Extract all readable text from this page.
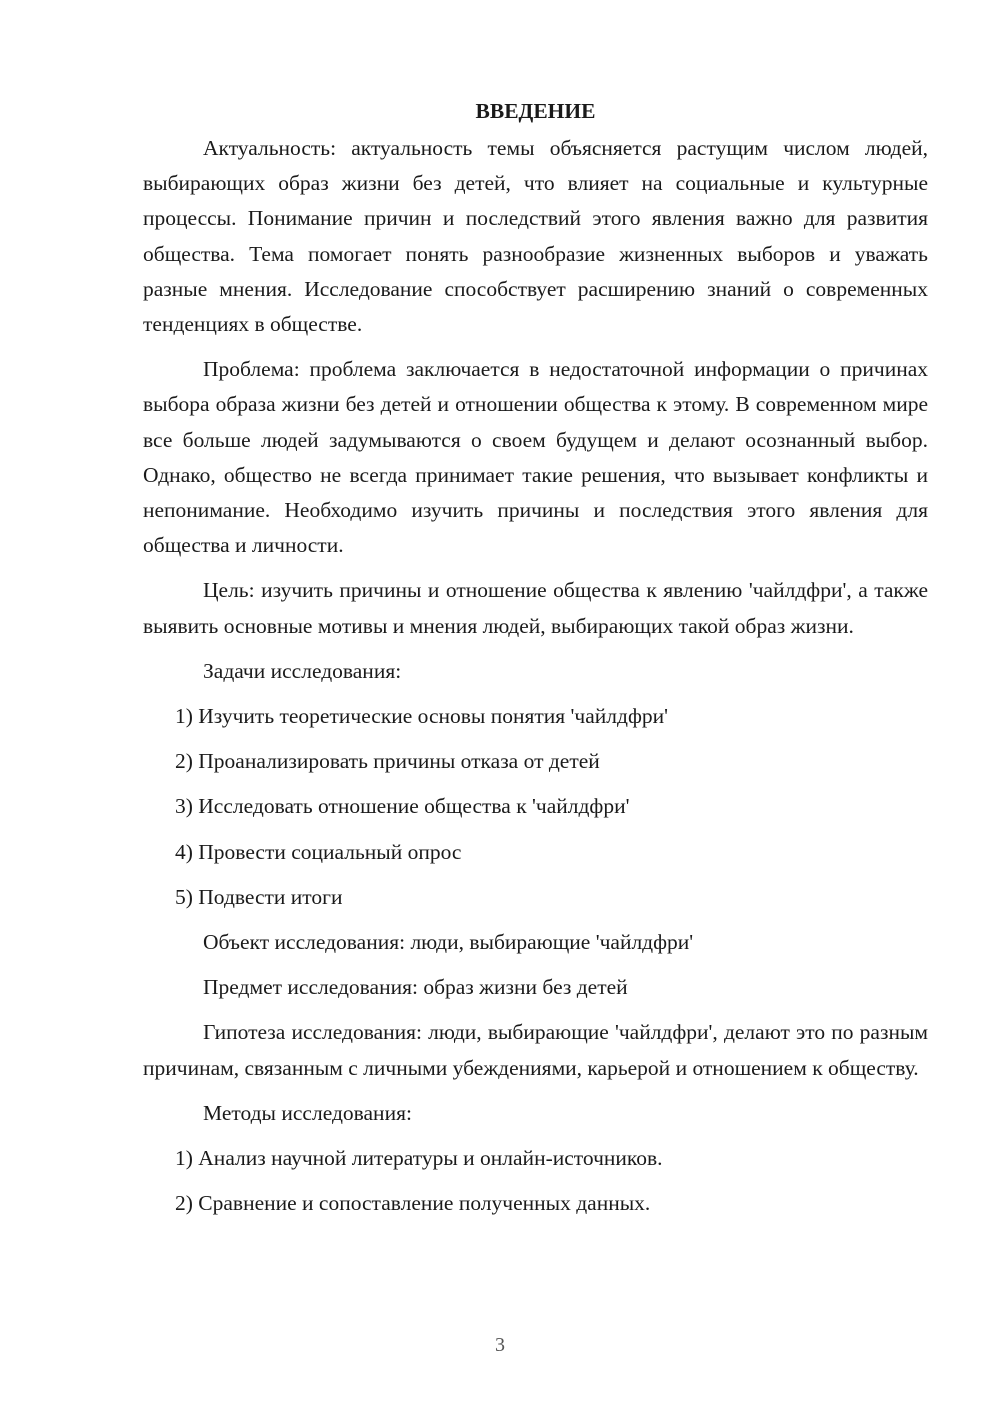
ВВЕДЕНИЕ

Актуальность: актуальность темы объясняется растущим числом людей, выбирающих образ жизни без детей, что влияет на социальные и культурные процессы. Понимание причин и последствий этого явления важно для развития общества. Тема помогает понять разнообразие жизненных выборов и уважать разные мнения. Исследование способствует расширению знаний о современных тенденциях в обществе.

Проблема: проблема заключается в недостаточной информации о причинах выбора образа жизни без детей и отношении общества к этому. В современном мире все больше людей задумываются о своем будущем и делают осознанный выбор. Однако, общество не всегда принимает такие решения, что вызывает конфликты и непонимание. Необходимо изучить причины и последствия этого явления для общества и личности.

Цель: изучить причины и отношение общества к явлению 'чайлдфри', а также выявить основные мотивы и мнения людей, выбирающих такой образ жизни.

Задачи исследования:
1) Изучить теоретические основы понятия 'чайлдфри'
2) Проанализировать причины отказа от детей
3) Исследовать отношение общества к 'чайлдфри'
4) Провести социальный опрос
5) Подвести итоги
Объект исследования: люди, выбирающие 'чайлдфри'
Предмет исследования: образ жизни без детей

Гипотеза исследования: люди, выбирающие 'чайлдфри', делают это по разным причинам, связанным с личными убеждениями, карьерой и отношением к обществу.

Методы исследования:
1) Анализ научной литературы и онлайн-источников.
2) Сравнение и сопоставление полученных данных.
3
